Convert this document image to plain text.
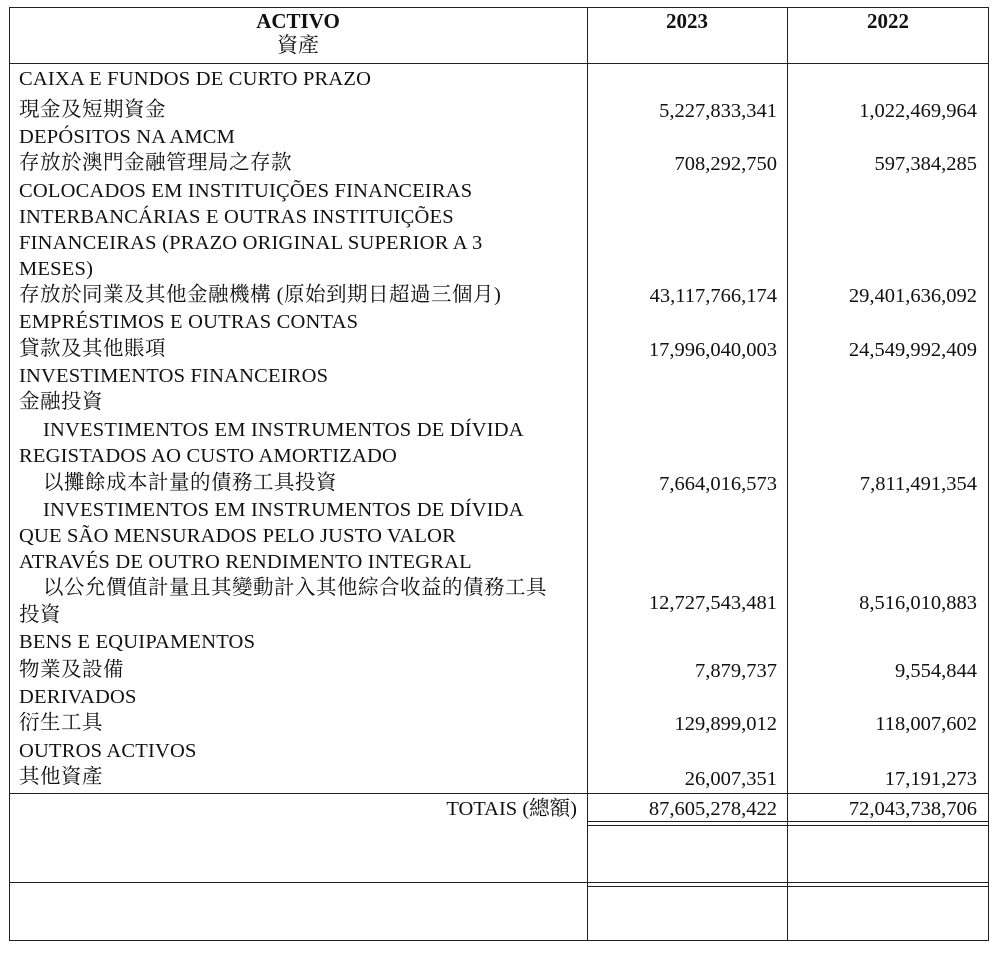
ACTIVO
資產
2023	2022
CAIXA E FUNDOS DE CURTO PRAZO
現金及短期資金	5,227,833,341	1,022,469,964
DEPÓSITOS NA AMCM
存放於澳門金融管理局之存款	708,292,750	597,384,285
COLOCADOS EM INSTITUIÇÕES FINANCEIRAS
INTERBANCÁRIAS E OUTRAS INSTITUIÇÕES
FINANCEIRAS (PRAZO ORIGINAL SUPERIOR A 3
MESES)
存放於同業及其他金融機構 (原始到期日超過三個月)	43,117,766,174	29,401,636,092
EMPRÉSTIMOS E OUTRAS CONTAS
貸款及其他賬項	17,996,040,003	24,549,992,409
INVESTIMENTOS FINANCEIROS
金融投資
INVESTIMENTOS EM INSTRUMENTOS DE DÍVIDA
REGISTADOS AO CUSTO AMORTIZADO
以攤餘成本計量的債務工具投資	7,664,016,573	7,811,491,354
INVESTIMENTOS EM INSTRUMENTOS DE DÍVIDA
QUE SÃO MENSURADOS PELO JUSTO VALOR
ATRAVÉS DE OUTRO RENDIMENTO INTEGRAL
以公允價值計量且其變動計入其他綜合收益的債務工具
投資
12,727,543,481	8,516,010,883
BENS E EQUIPAMENTOS
物業及設備	7,879,737	9,554,844
DERIVADOS
衍生工具	129,899,012	118,007,602
OUTROS ACTIVOS
其他資產	26,007,351	17,191,273
TOTAIS (總額)	87,605,278,422	72,043,738,706
